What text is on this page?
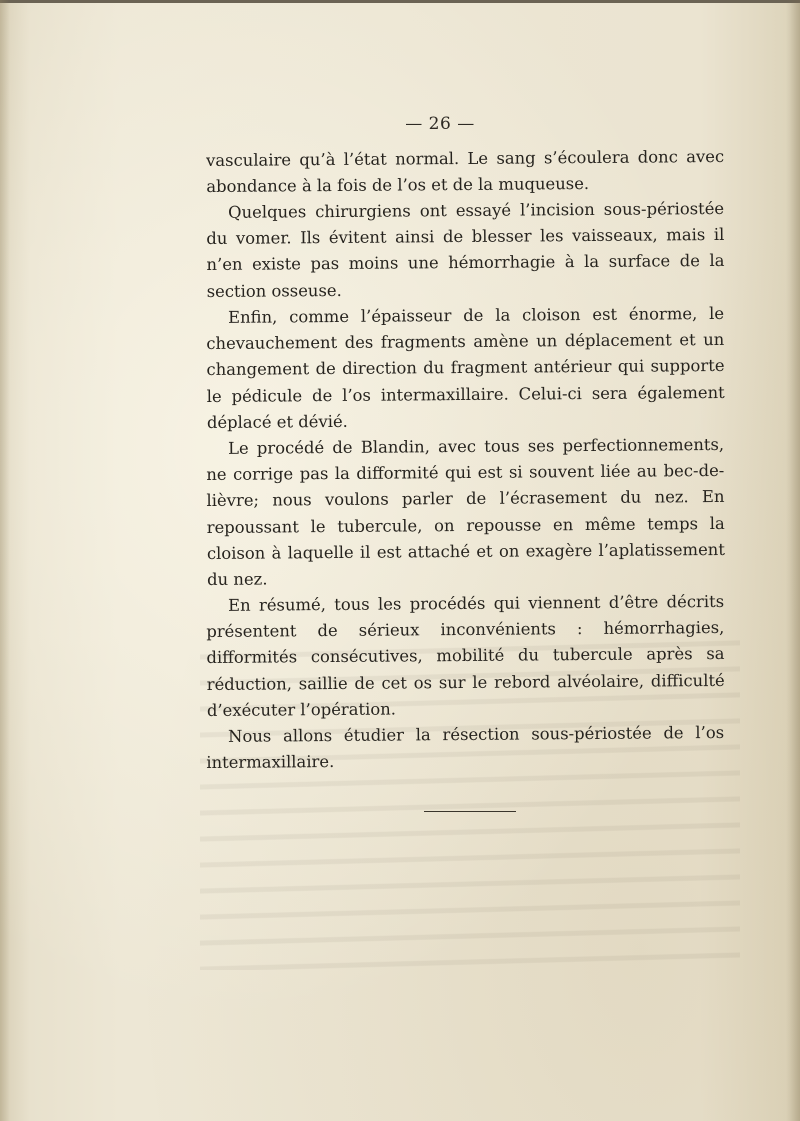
— 26 —

vasculaire qu’à l’état normal. Le sang s’écoulera donc avec abondance à la fois de l’os et de la muqueuse.

Quelques chirurgiens ont essayé l’incision sous-périostée du vomer. Ils évitent ainsi de blesser les vaisseaux, mais il n’en existe pas moins une hémorrhagie à la surface de la section osseuse.

Enfin, comme l’épaisseur de la cloison est énorme, le chevauchement des fragments amène un déplacement et un changement de direction du fragment antérieur qui supporte le pédicule de l’os intermaxillaire. Celui-ci sera également déplacé et dévié.

Le procédé de Blandin, avec tous ses perfectionnements, ne corrige pas la difformité qui est si souvent liée au bec-de-lièvre; nous voulons parler de l’écrasement du nez. En repoussant le tubercule, on repousse en même temps la cloison à laquelle il est attaché et on exagère l’aplatissement du nez.

En résumé, tous les procédés qui viennent d’être décrits présentent de sérieux inconvénients : hémorrhagies, difformités consécutives, mobilité du tubercule après sa réduction, saillie de cet os sur le rebord alvéolaire, difficulté d’exécuter l’opération.

Nous allons étudier la résection sous-périostée de l’os intermaxillaire.
